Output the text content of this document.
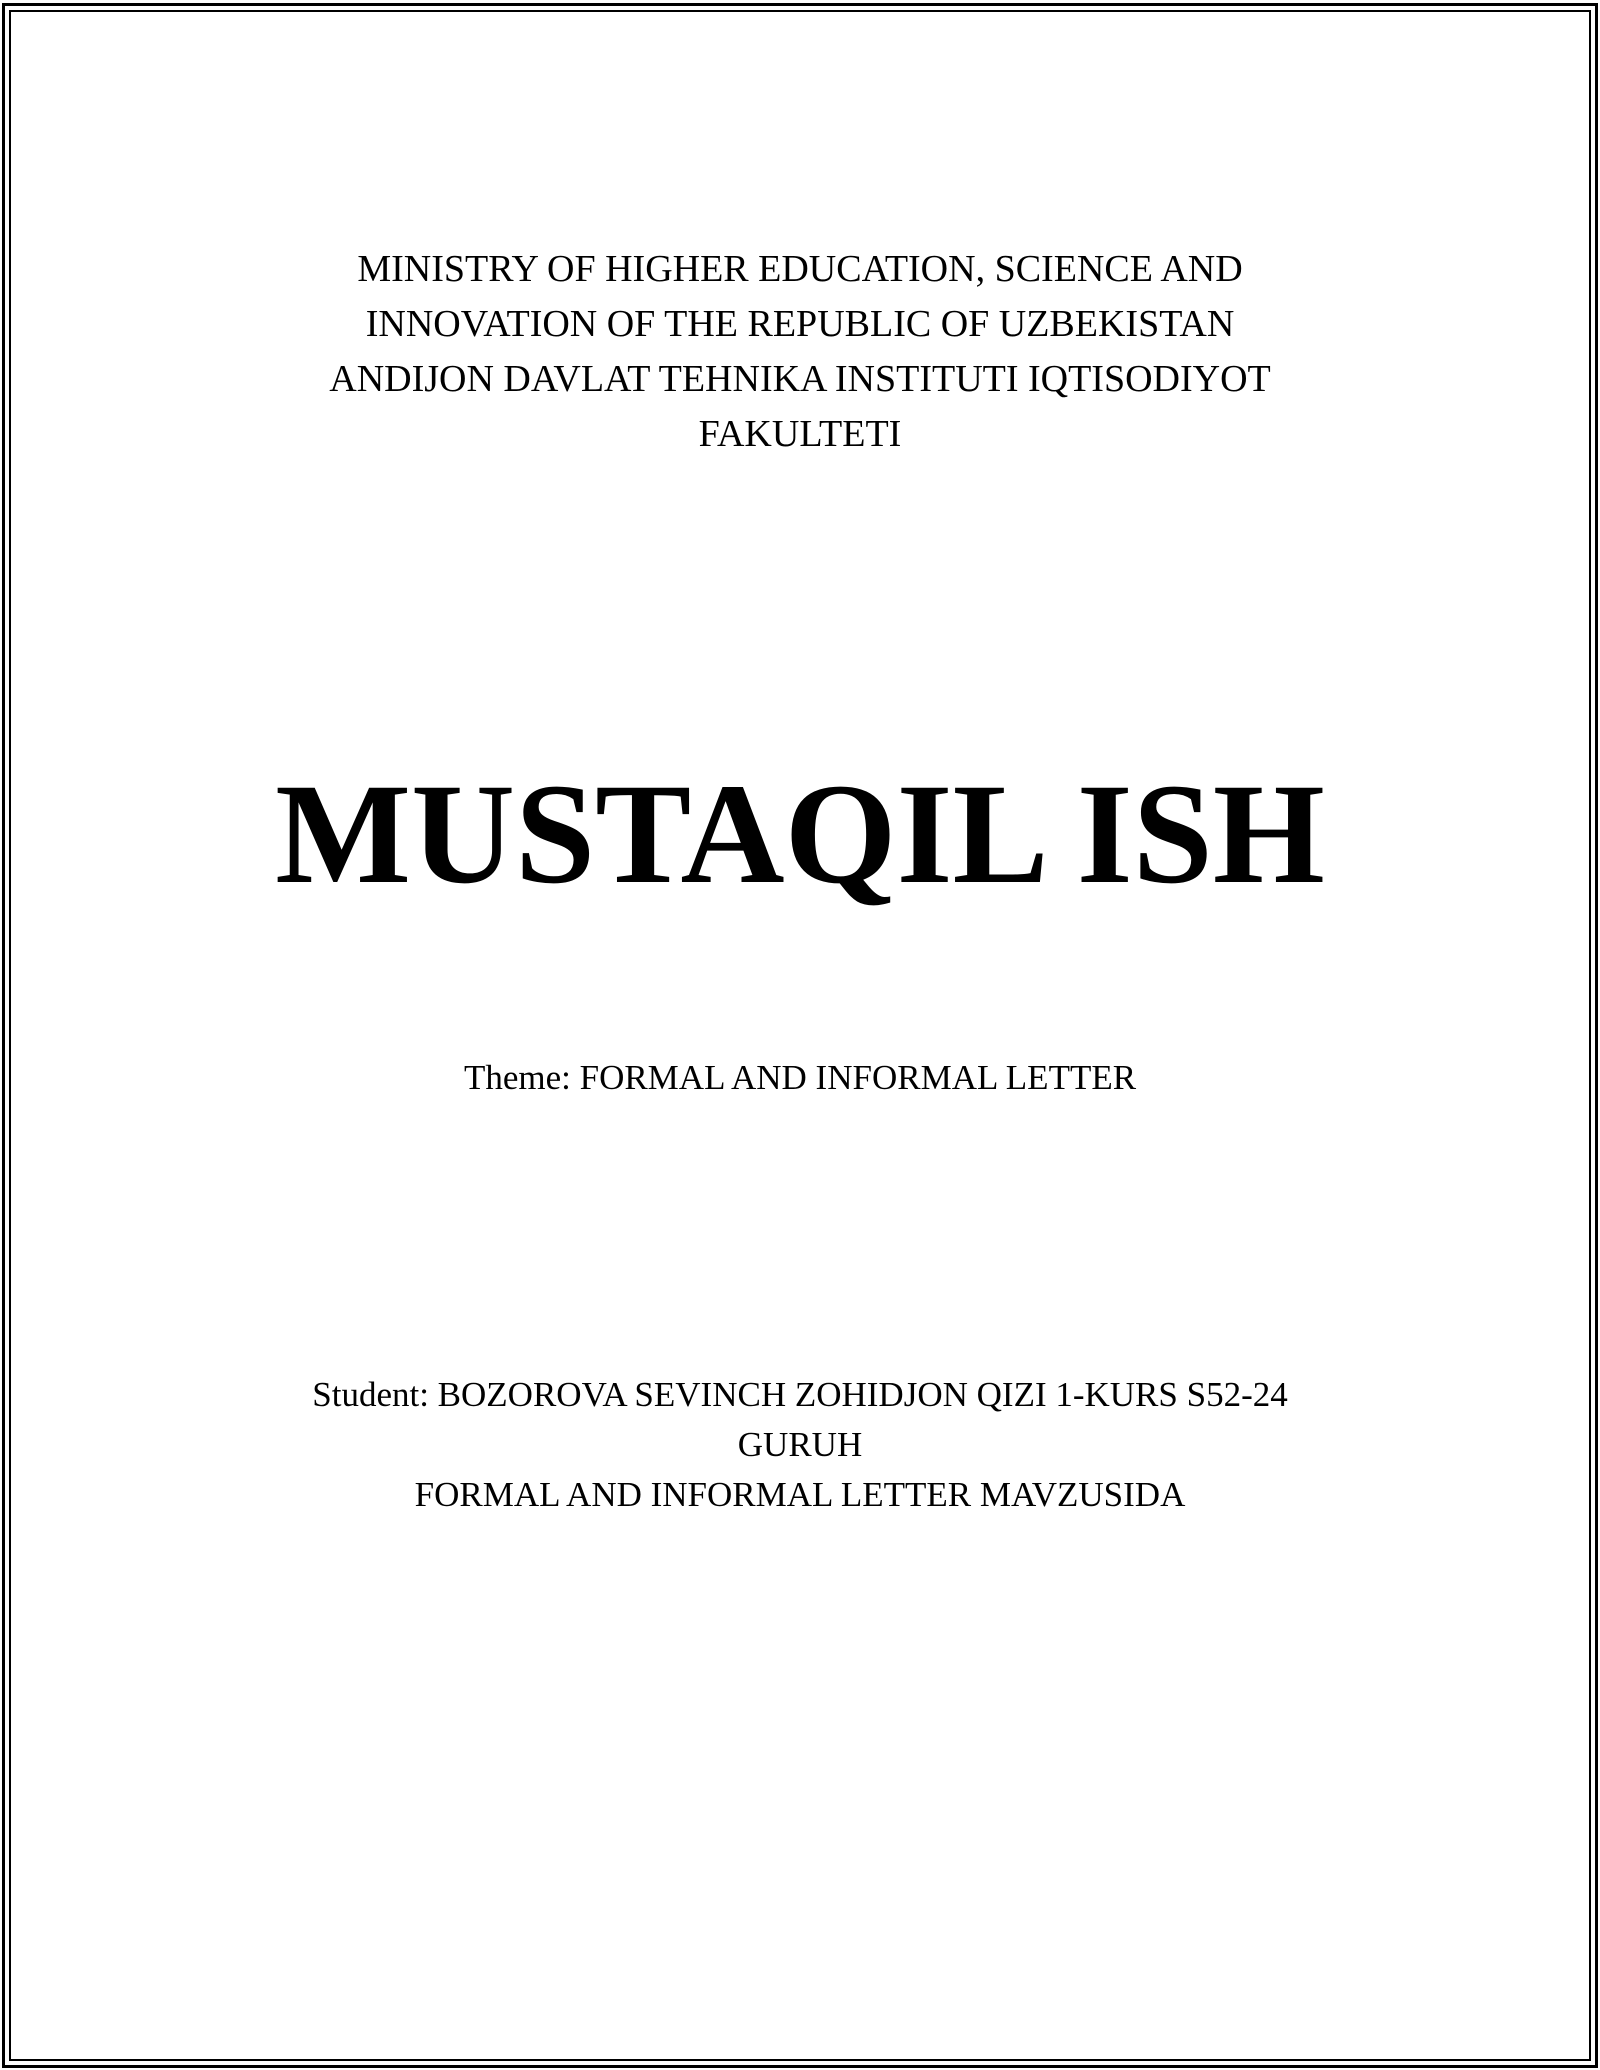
MINISTRY OF HIGHER EDUCATION, SCIENCE AND
INNOVATION OF THE REPUBLIC OF UZBEKISTAN
ANDIJON DAVLAT TEHNIKA INSTITUTI IQTISODIYOT
FAKULTETI
MUSTAQIL ISH
Theme: FORMAL AND INFORMAL LETTER
Student: BOZOROVA SEVINCH ZOHIDJON QIZI 1-KURS S52-24
GURUH
FORMAL AND INFORMAL LETTER MAVZUSIDA
